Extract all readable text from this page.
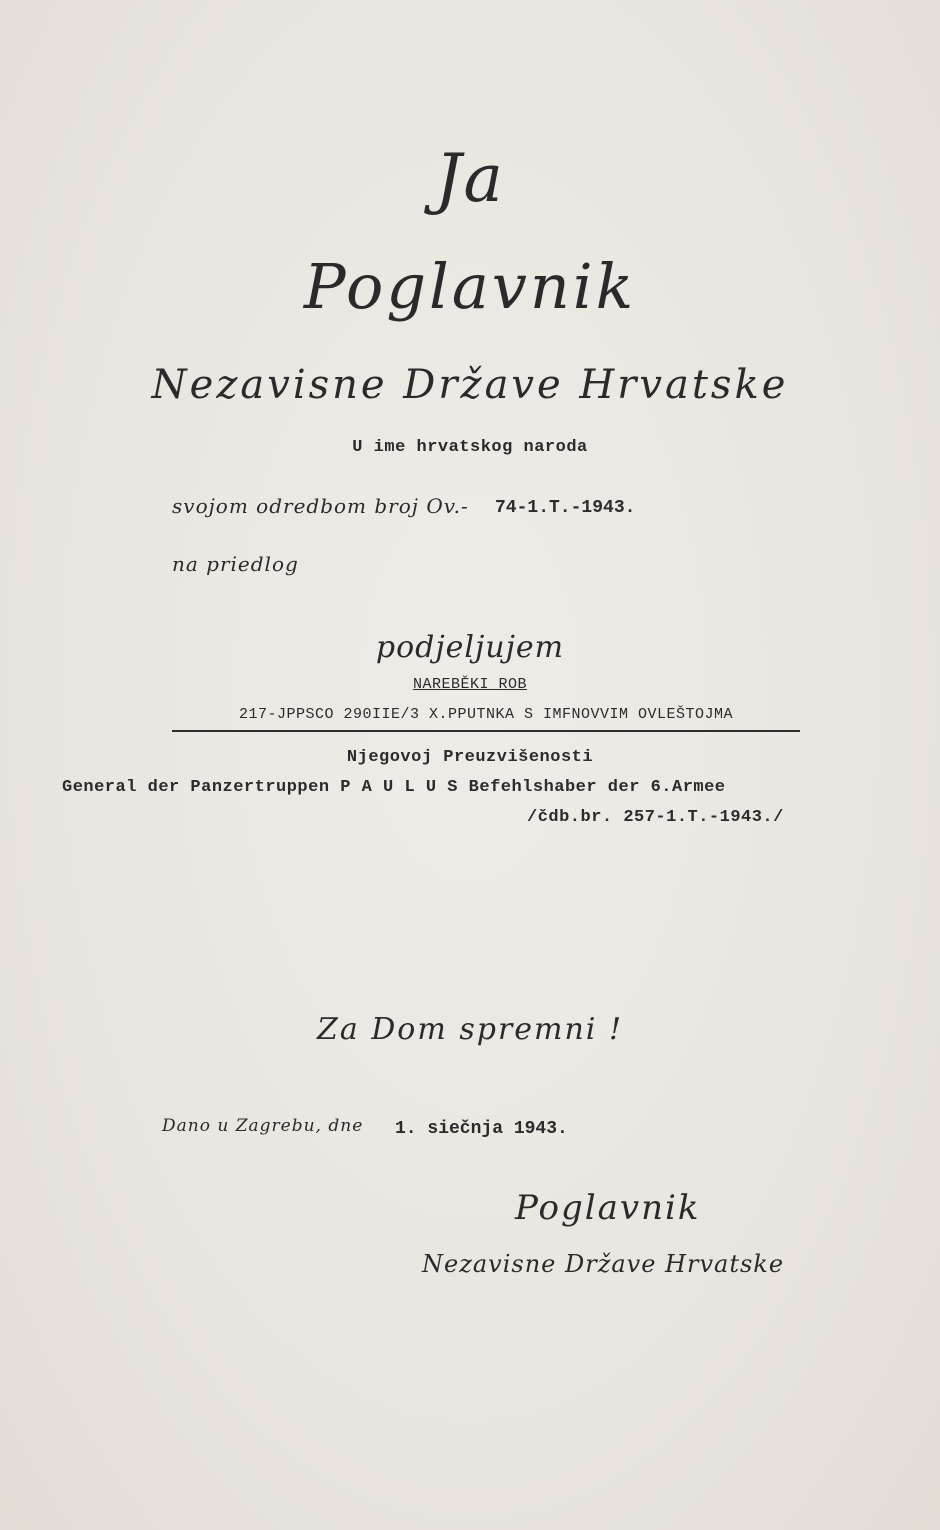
Ja
Poglavnik
Nezavisne Države Hrvatske
U ime hrvatskog naroda
svojom odredbom broj Ov.- 74-1.T.-1943.
na priedlog
podjeljujem
NAREBĚKI ROB
217-JPPSCO 290IIE/3 X.PPUTNKA S IMFNOVVIM OVLEŠTOJMA
Njegovoj Preuzvišenosti
General der Panzertruppen P A U L U S Befehlshaber der 6.Armee
/čdb.br. 257-1.T.-1943./
Za Dom spremni !
Dano u Zagrebu, dne 1. siečnja 1943.
Poglavnik
Nezavisne Države Hrvatske
